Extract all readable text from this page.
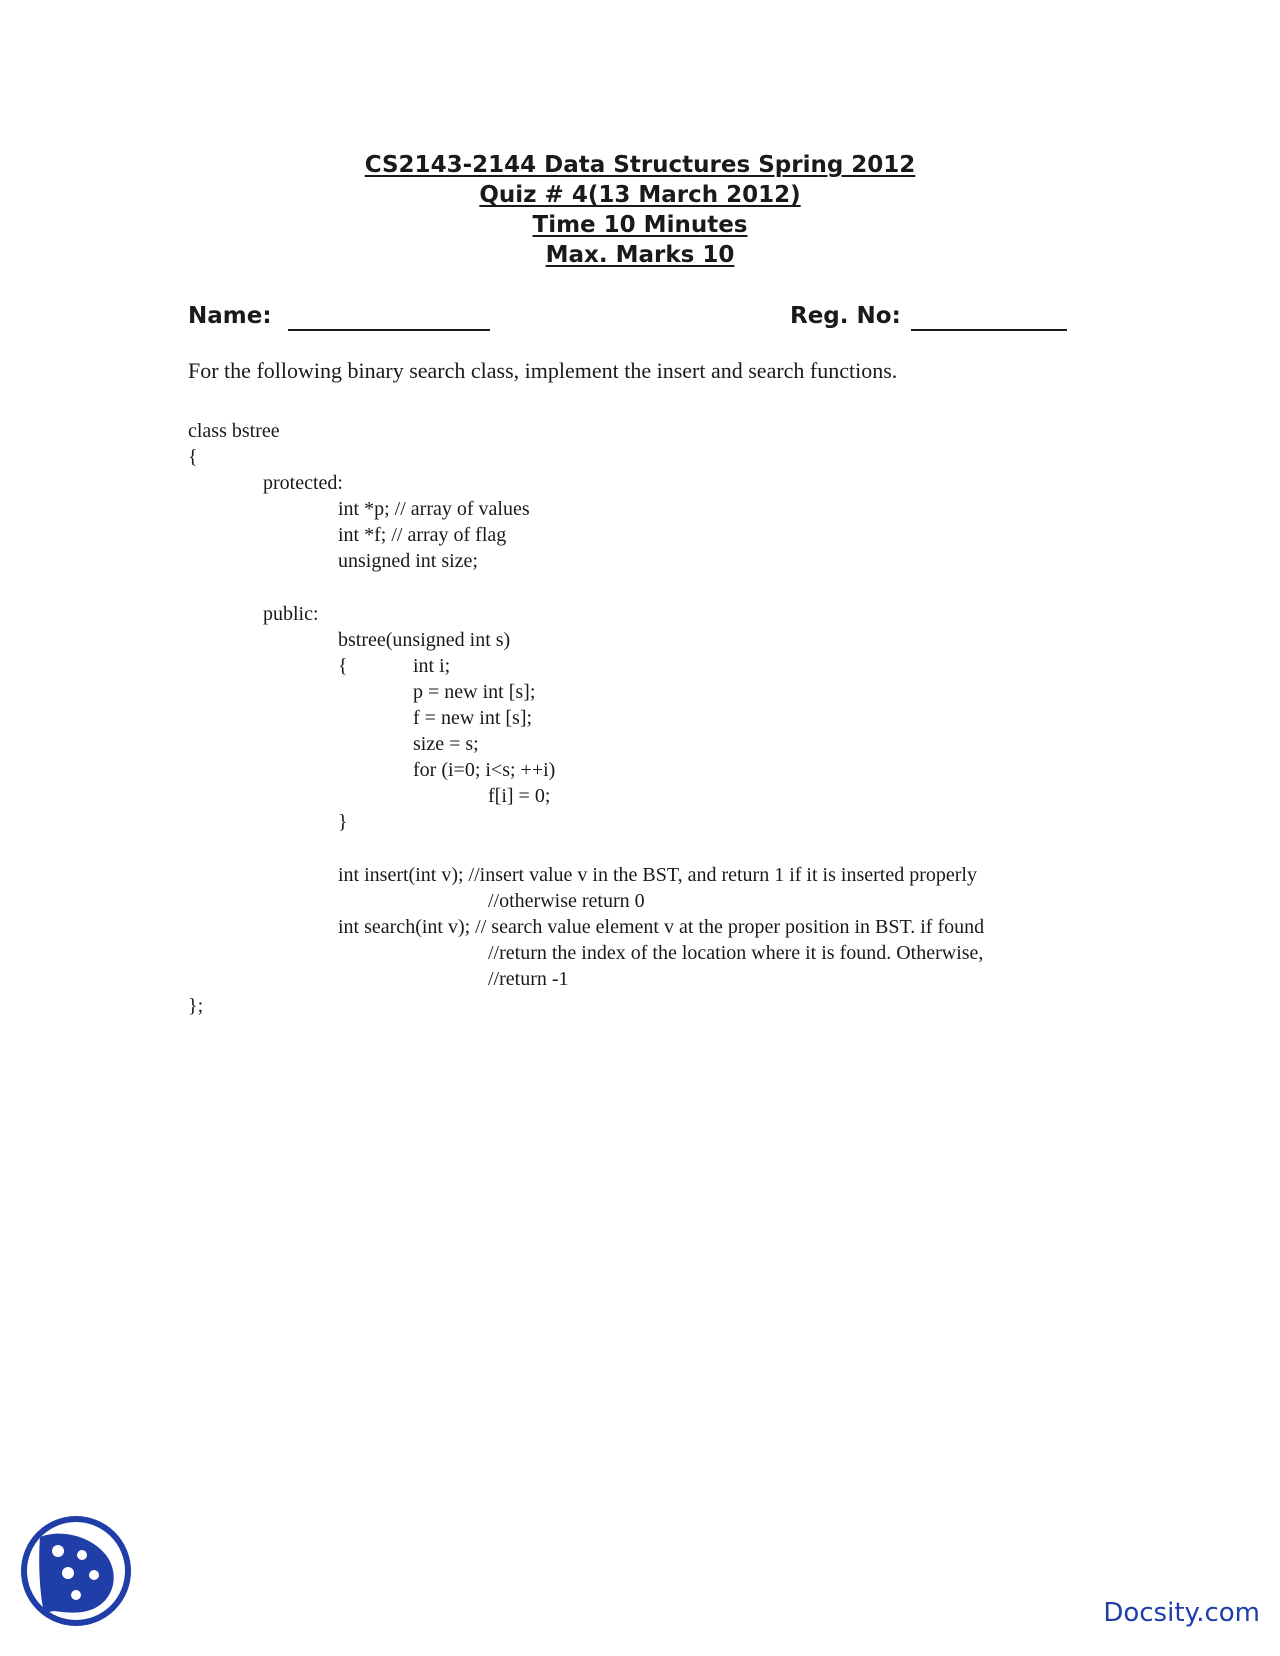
CS2143-2144 Data Structures Spring 2012
Quiz # 4(13 March 2012)
Time 10 Minutes
Max. Marks 10
Name:	Reg. No:
For the following binary search class, implement the insert and search functions.
class bstree
{
protected:
int *p; // array of values
int *f; // array of flag
unsigned int size;
public:
bstree(unsigned int s)
{	int i;
p = new int [s];
f = new int [s];
size = s;
for (i=0; i<s; ++i)
f[i] = 0;
}
int insert(int v); //insert value v in the BST, and return 1 if it is inserted properly
//otherwise return 0
int search(int v); // search value element v at the proper position in BST. if found
//return the index of the location where it is found. Otherwise,
//return -1
};
Docsity.com
